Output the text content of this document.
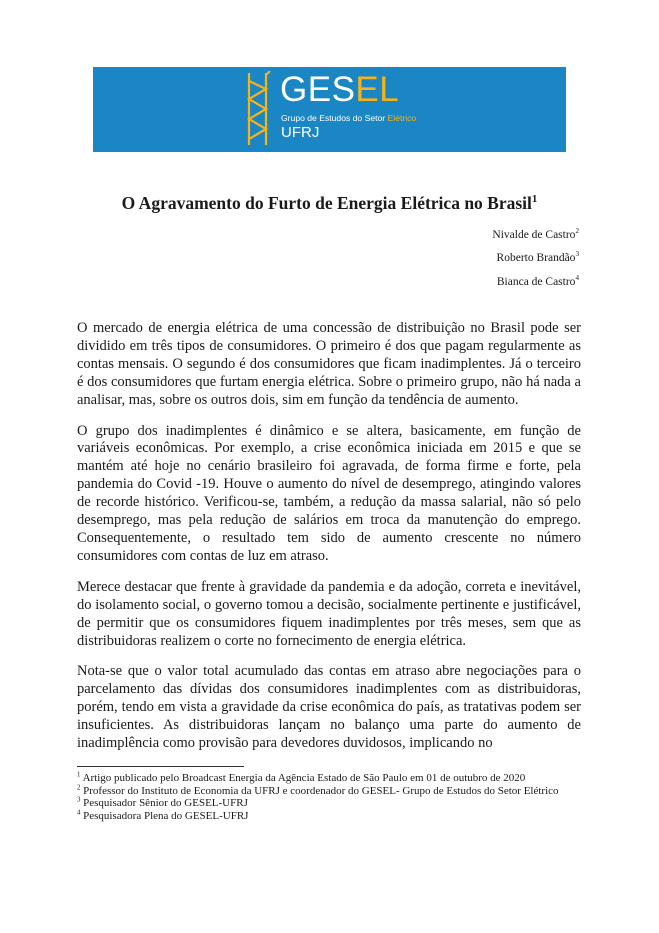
GESEL
Grupo de Estudos do Setor Elétrico
UFRJ
O Agravamento do Furto de Energia Elétrica no Brasil$^1$
Nivalde de Castro$^2$
Roberto Brandão$^3$
Bianca de Castro$^4$

O mercado de energia elétrica de uma concessão de distribuição no Brasil pode ser dividido em três tipos de consumidores. O primeiro é dos que pagam regularmente as contas mensais. O segundo é dos consumidores que ficam inadimplentes. Já o terceiro é dos consumidores que furtam energia elétrica. Sobre o primeiro grupo, não há nada a analisar, mas, sobre os outros dois, sim em função da tendência de aumento.

O grupo dos inadimplentes é dinâmico e se altera, basicamente, em função de variáveis econômicas. Por exemplo, a crise econômica iniciada em 2015 e que se mantém até hoje no cenário brasileiro foi agravada, de forma firme e forte, pela pandemia do Covid -19. Houve o aumento do nível de desemprego, atingindo valores de recorde histórico. Verificou-se, também, a redução da massa salarial, não só pelo desemprego, mas pela redução de salários em troca da manutenção do emprego. Consequentemente, o resultado tem sido de aumento crescente no número consumidores com contas de luz em atraso.

Merece destacar que frente à gravidade da pandemia e da adoção, correta e inevitável, do isolamento social, o governo tomou a decisão, socialmente pertinente e justificável, de permitir que os consumidores fiquem inadimplentes por três meses, sem que as distribuidoras realizem o corte no fornecimento de energia elétrica.

Nota-se que o valor total acumulado das contas em atraso abre negociações para o parcelamento das dívidas dos consumidores inadimplentes com as distribuidoras, porém, tendo em vista a gravidade da crise econômica do país, as tratativas podem ser insuficientes. As distribuidoras lançam no balanço uma parte do aumento de inadimplência como provisão para devedores duvidosos, implicando no

$^1$ Artigo publicado pelo Broadcast Energia da Agência Estado de São Paulo em 01 de outubro de 2020
$^2$ Professor do Instituto de Economia da UFRJ e coordenador do GESEL- Grupo de Estudos do Setor Elétrico
$^3$ Pesquisador Sênior do GESEL-UFRJ
$^4$ Pesquisadora Plena do GESEL-UFRJ
